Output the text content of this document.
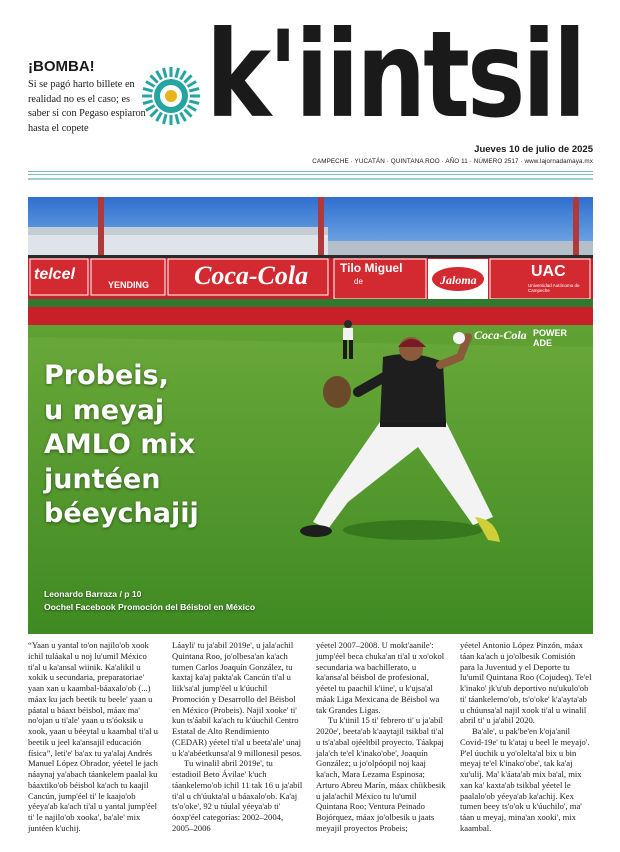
¡BOMBA!

Si se pagó harto billete en realidad no es el caso; es saber si con Pegaso espiaron hasta el copete	k'iintsil
Jueves 10 de julio de 2025
CAMPECHE · YUCATÁN · QUINTANA ROO · AÑO 11 · NÚMERO 2517 · www.lajornadamaya.mx
telcel
YENDING Coca-Cola	Tilo Miguel
de	Jaloma	UAC
Universidad Autónoma de Campeche
Coca-Cola POWER ADE
Probeis,
u meyaj
AMLO mix
juntéen
béeychajij
Leonardo Barraza / p 10
Oochel Facebook Promoción del Béisbol en México

“Yaan u yantal to'on najilo'ob xook ichil tuláakal u noj lu'umil México ti'al u ka'ansal wiinik. Ka'alikil u xokik u secundaria, preparatoriae' yaan xan u kaambal-báaxalo'ob (...) máax ku jach beetik tu beele' yaan u páatal u báaxt béisbol, máax ma' no'ojan u ti'ale' yaan u ts'óoksik u xook, yaan u béeytal u kaambal ti'al u beetik u jeel ka'ansajil educación física”, leti'e' ba'ax tu ya'alaj Andrés Manuel López Obrador, yéetel le jach náaynaj ya'abach táankelem paalal ku báaxtiko'ob béisbol ka'ach tu kaajil Cancún, jump'éel ti' le kaajo'ob yéeya'ab ka'ach ti'al u yantal jump'éel ti' le najilo'ob xooka', ba'ale' mix juntéen k'uchij.

Láayli' tu ja'abil 2019e', u jala'achil Quintana Roo, jo'olbesa'an ka'ach tumen Carlos Joaquín González, tu kaxtaj ka'aj pakta'ak Cancún ti'al u liik'sa'al jump'éel u k'úuchil Promoción y Desarrollo del Béisbol en México (Probeis). Najil xooke' ti' kun ts'áabil ka'ach tu k'úuchil Centro Estatal de Alto Rendimiento (CEDAR) yéetel ti'al u beeta'ale' unaj u k'a'abéetkunsa'al 9 millonesil pesos.

Tu winalil abril 2019e', tu estadioil Beto Ávilae' k'uch táankelemo'ob ichil 11 tak 16 u ja'abil ti'al u ch'úukta'al u báaxalo'ob. Ka'aj ts'o'oke', 92 u túulal yéeya'ab ti' óoxp'éel categorías: 2002–2004, 2005–2006

yéetel 2007–2008. U mokt'aanile': jump'éel beca chuka'an ti'al u xo'okol secundaria wa bachillerato, u ka'ansa'al béisbol de profesional, yéetel tu paachil k'iine', u k'ujsa'al máak Liga Mexicana de Béisbol wa tak Grandes Ligas.

Tu k'iinil 15 ti' febrero ti' u ja'abil 2020e', beeta'ab k'aaytajil tsikbal ti'al u ts'a'abal ojéeltbil proyecto. Táakpaj jala'ch te'el k'inako'obe', Joaquín González; u jo'olpóopil noj kaaj ka'ach, Mara Lezama Espinosa; Arturo Abreu Marín, máax chíikbesik u jala'achil México tu lu'umil Quintana Roo; Ventura Peinado Bojórquez, máax jo'olbesik u jaats meyajil proyectos Probeis;

yéetel Antonio López Pinzón, máax táan ka'ach u jo'olbesik Comisión para la Juventud y el Deporte tu lu'umil Quintana Roo (Cojudeq). Te'el k'inako' jk'u'ub deportivo nu'ukulo'ob ti' táankelemo'ob, ts'o'oke' k'a'ayta'ab u chúunsa'al najil xook ti'al u winalil abril ti' u ja'abil 2020.

Ba'ale', u pak'be'en k'oja'anil Covid-19e' tu k'ataj u beel le meyajo'. P'el úuchik u yo'olelta'al bix u bin meyaj te'el k'inako'obe', tak ka'aj xu'ulij. Ma' k'áata'ab mix ba'al, mix xan ka' kaxta'ab tsikbal yéetel le paalalo'ob yéeya'ab ka'achij. Kex tumen beey ts'o'ok u k'úuchilo', ma' táan u meyaj, mina'an xooki', mix kaambal.
